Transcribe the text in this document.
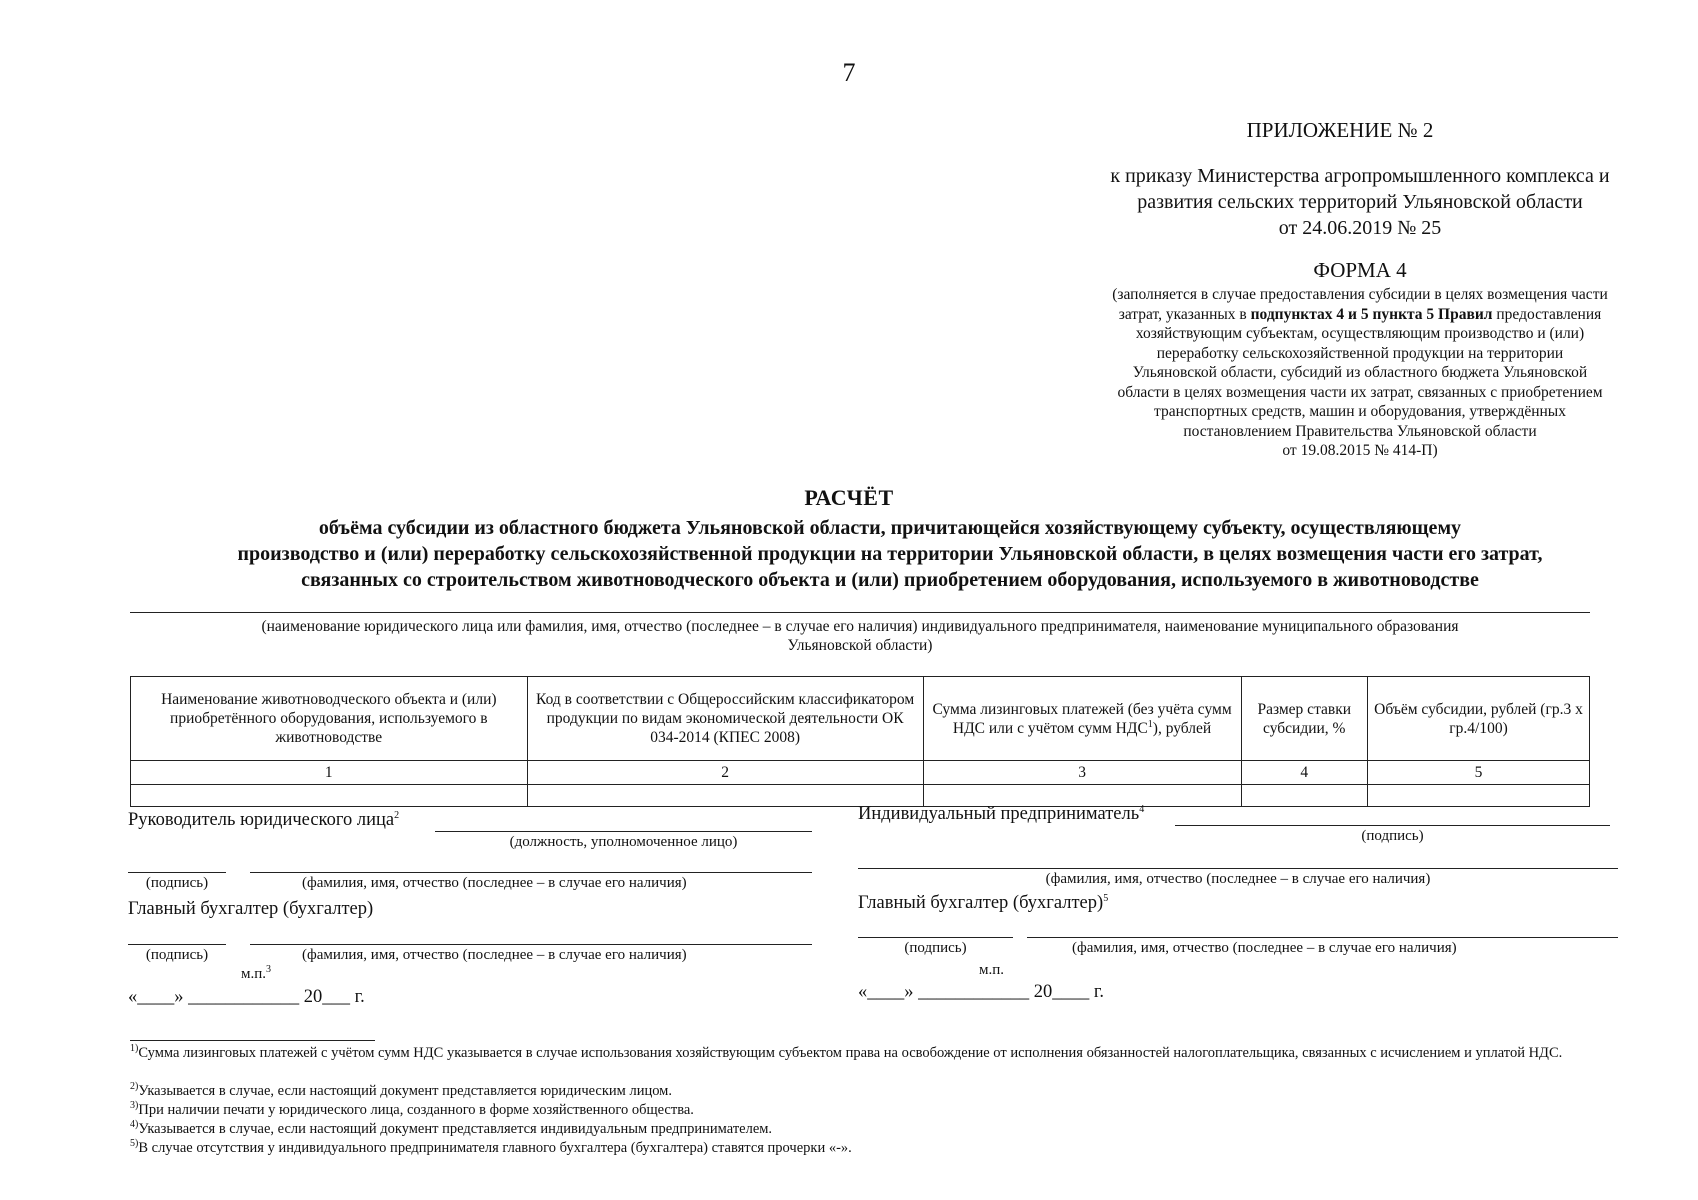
7
ПРИЛОЖЕНИЕ № 2
к приказу Министерства агропромышленного комплекса и
развития сельских территорий Ульяновской области
от 24.06.2019 № 25
ФОРМА 4
(заполняется в случае предоставления субсидии в целях возмещения части
затрат, указанных в подпунктах 4 и 5 пункта 5 Правил предоставления
хозяйствующим субъектам, осуществляющим производство и (или)
переработку сельскохозяйственной продукции на территории
Ульяновской области, субсидий из областного бюджета Ульяновской
области в целях возмещения части их затрат, связанных с приобретением
транспортных средств, машин и оборудования, утверждённых
постановлением Правительства Ульяновской области
от 19.08.2015 № 414-П)
РАСЧЁТ
объёма субсидии из областного бюджета Ульяновской области, причитающейся хозяйствующему субъекту, осуществляющему
производство и (или) переработку сельскохозяйственной продукции на территории Ульяновской области, в целях возмещения части его затрат,
связанных со строительством животноводческого объекта и (или) приобретением оборудования, используемого в животноводстве
(наименование юридического лица или фамилия, имя, отчество (последнее – в случае его наличия) индивидуального предпринимателя, наименование муниципального образования
Ульяновской области)
Наименование животноводческого объекта и (или) приобретённого оборудования, используемого в животноводстве	Код в соответствии с Общероссийским классификатором продукции по видам экономической деятельности ОК 034-2014 (КПЕС 2008)	Сумма лизинговых платежей (без учёта сумм НДС или с учётом сумм НДС$^1$), рублей	Размер ставки субсидии, %	Объём субсидии, рублей (гр.3 х гр.4/100)
1	2	3	4	5

Руководитель юридического лица$^2$
(должность, уполномоченное лицо)
(подпись)	(фамилия, имя, отчество (последнее – в случае его наличия)
Главный бухгалтер (бухгалтер)
(подпись)	(фамилия, имя, отчество (последнее – в случае его наличия)
м.п.$^3$
«____» ____________ 20___ г.
Индивидуальный предприниматель$^4$
(подпись)
(фамилия, имя, отчество (последнее – в случае его наличия)
Главный бухгалтер (бухгалтер)$^5$
(подпись)	(фамилия, имя, отчество (последнее – в случае его наличия)
м.п.
«____» ____________ 20____ г.
$^{1)}$Сумма лизинговых платежей с учётом сумм НДС указывается в случае использования хозяйствующим субъектом права на освобождение от исполнения обязанностей налогоплательщика, связанных с исчислением и уплатой НДС.
$^{2)}$Указывается в случае, если настоящий документ представляется юридическим лицом.
$^{3)}$При наличии печати у юридического лица, созданного в форме хозяйственного общества.
$^{4)}$Указывается в случае, если настоящий документ представляется индивидуальным предпринимателем.
$^{5)}$В случае отсутствия у индивидуального предпринимателя главного бухгалтера (бухгалтера) ставятся прочерки «-».
